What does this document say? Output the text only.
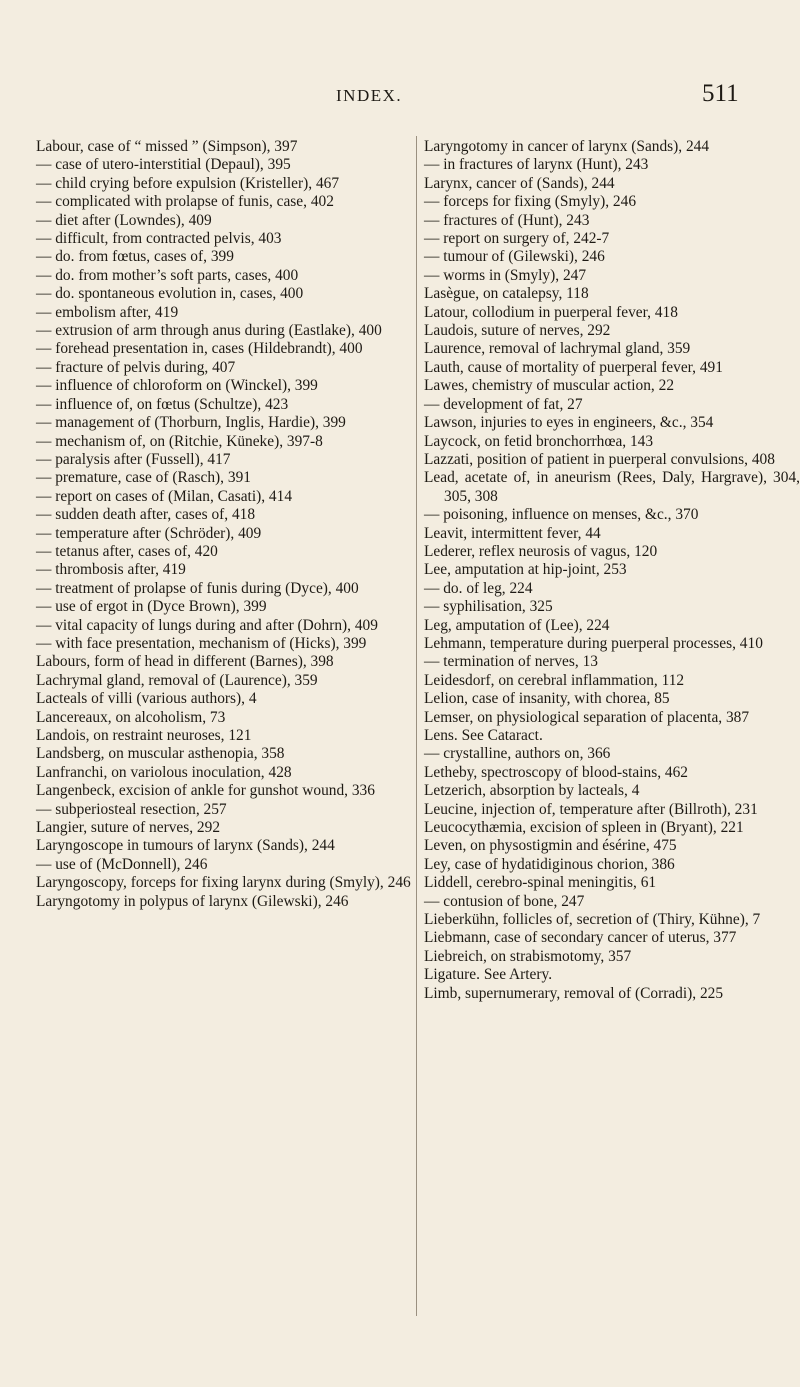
INDEX.	511
Labour, case of “ missed ” (Simpson), 397
— case of utero-interstitial (Depaul), 395
— child crying before expulsion (Kristeller), 467
— complicated with prolapse of funis, case, 402
— diet after (Lowndes), 409
— difficult, from contracted pelvis, 403
— do. from fœtus, cases of, 399
— do. from mother’s soft parts, cases, 400
— do. spontaneous evolution in, cases, 400
— embolism after, 419
— extrusion of arm through anus during (Eastlake), 400
— forehead presentation in, cases (Hildebrandt), 400
— fracture of pelvis during, 407
— influence of chloroform on (Winckel), 399
— influence of, on fœtus (Schultze), 423
— management of (Thorburn, Inglis, Hardie), 399
— mechanism of, on (Ritchie, Küneke), 397-8
— paralysis after (Fussell), 417
— premature, case of (Rasch), 391
— report on cases of (Milan, Casati), 414
— sudden death after, cases of, 418
— temperature after (Schröder), 409
— tetanus after, cases of, 420
— thrombosis after, 419
— treatment of prolapse of funis during (Dyce), 400
— use of ergot in (Dyce Brown), 399
— vital capacity of lungs during and after (Dohrn), 409
— with face presentation, mechanism of (Hicks), 399
Labours, form of head in different (Barnes), 398
Lachrymal gland, removal of (Laurence), 359
Lacteals of villi (various authors), 4
Lancereaux, on alcoholism, 73
Landois, on restraint neuroses, 121
Landsberg, on muscular asthenopia, 358
Lanfranchi, on variolous inoculation, 428
Langenbeck, excision of ankle for gunshot wound, 336
— subperiosteal resection, 257
Langier, suture of nerves, 292
Laryngoscope in tumours of larynx (Sands), 244
— use of (McDonnell), 246
Laryngoscopy, forceps for fixing larynx during (Smyly), 246
Laryngotomy in polypus of larynx (Gilewski), 246
Laryngotomy in cancer of larynx (Sands), 244
— in fractures of larynx (Hunt), 243
Larynx, cancer of (Sands), 244
— forceps for fixing (Smyly), 246
— fractures of (Hunt), 243
— report on surgery of, 242-7
— tumour of (Gilewski), 246
— worms in (Smyly), 247
Lasègue, on catalepsy, 118
Latour, collodium in puerperal fever, 418
Laudois, suture of nerves, 292
Laurence, removal of lachrymal gland, 359
Lauth, cause of mortality of puerperal fever, 491
Lawes, chemistry of muscular action, 22
— development of fat, 27
Lawson, injuries to eyes in engineers, &c., 354
Laycock, on fetid bronchorrhœa, 143
Lazzati, position of patient in puerperal convulsions, 408
Lead, acetate of, in aneurism (Rees, Daly, Hargrave), 304, 305, 308
— poisoning, influence on menses, &c., 370
Leavit, intermittent fever, 44
Lederer, reflex neurosis of vagus, 120
Lee, amputation at hip-joint, 253
— do. of leg, 224
— syphilisation, 325
Leg, amputation of (Lee), 224
Lehmann, temperature during puerperal processes, 410
— termination of nerves, 13
Leidesdorf, on cerebral inflammation, 112
Lelion, case of insanity, with chorea, 85
Lemser, on physiological separation of placenta, 387
Lens. See Cataract.
— crystalline, authors on, 366
Letheby, spectroscopy of blood-stains, 462
Letzerich, absorption by lacteals, 4
Leucine, injection of, temperature after (Billroth), 231
Leucocythæmia, excision of spleen in (Bryant), 221
Leven, on physostigmin and ésérine, 475
Ley, case of hydatidiginous chorion, 386
Liddell, cerebro-spinal meningitis, 61
— contusion of bone, 247
Lieberkühn, follicles of, secretion of (Thiry, Kühne), 7
Liebmann, case of secondary cancer of uterus, 377
Liebreich, on strabismotomy, 357
Ligature. See Artery.
Limb, supernumerary, removal of (Corradi), 225
